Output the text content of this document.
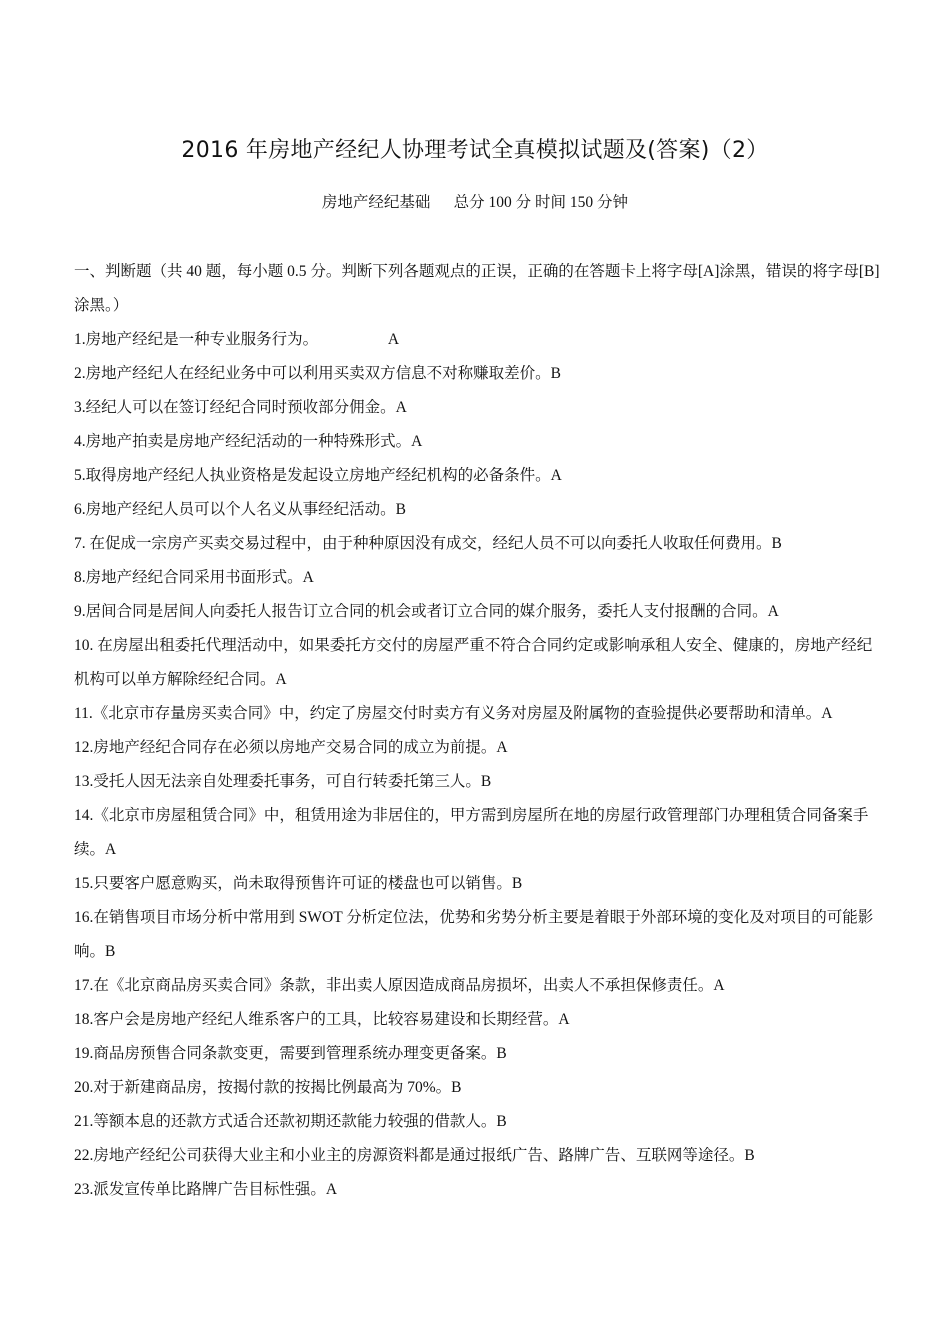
2016 年房地产经纪人协理考试全真模拟试题及(答案)（2）
房地产经纪基础      总分 100 分 时间 150 分钟

一、判断题（共 40 题，每小题 0.5 分。判断下列各题观点的正误，正确的在答题卡上将字母[A]涂黑，错误的将字母[B]涂黑。）

1.房地产经纪是一种专业服务行为。                  A

2.房地产经纪人在经纪业务中可以利用买卖双方信息不对称赚取差价。B

3.经纪人可以在签订经纪合同时预收部分佣金。A

4.房地产拍卖是房地产经纪活动的一种特殊形式。A

5.取得房地产经纪人执业资格是发起设立房地产经纪机构的必备条件。A

6.房地产经纪人员可以个人名义从事经纪活动。B

7. 在促成一宗房产买卖交易过程中，由于种种原因没有成交，经纪人员不可以向委托人收取任何费用。B

8.房地产经纪合同采用书面形式。A

9.居间合同是居间人向委托人报告订立合同的机会或者订立合同的媒介服务，委托人支付报酬的合同。A

10. 在房屋出租委托代理活动中，如果委托方交付的房屋严重不符合合同约定或影响承租人安全、健康的，房地产经纪机构可以单方解除经纪合同。A

11.《北京市存量房买卖合同》中，约定了房屋交付时卖方有义务对房屋及附属物的查验提供必要帮助和清单。A

12.房地产经纪合同存在必须以房地产交易合同的成立为前提。A

13.受托人因无法亲自处理委托事务，可自行转委托第三人。B

14.《北京市房屋租赁合同》中，租赁用途为非居住的，甲方需到房屋所在地的房屋行政管理部门办理租赁合同备案手续。A

15.只要客户愿意购买，尚未取得预售许可证的楼盘也可以销售。B

16.在销售项目市场分析中常用到 SWOT 分析定位法，优势和劣势分析主要是着眼于外部环境的变化及对项目的可能影响。B

17.在《北京商品房买卖合同》条款，非出卖人原因造成商品房损坏，出卖人不承担保修责任。A

18.客户会是房地产经纪人维系客户的工具，比较容易建设和长期经营。A

19.商品房预售合同条款变更，需要到管理系统办理变更备案。B

20.对于新建商品房，按揭付款的按揭比例最高为 70%。B

21.等额本息的还款方式适合还款初期还款能力较强的借款人。B

22.房地产经纪公司获得大业主和小业主的房源资料都是通过报纸广告、路牌广告、互联网等途径。B

23.派发宣传单比路牌广告目标性强。A
